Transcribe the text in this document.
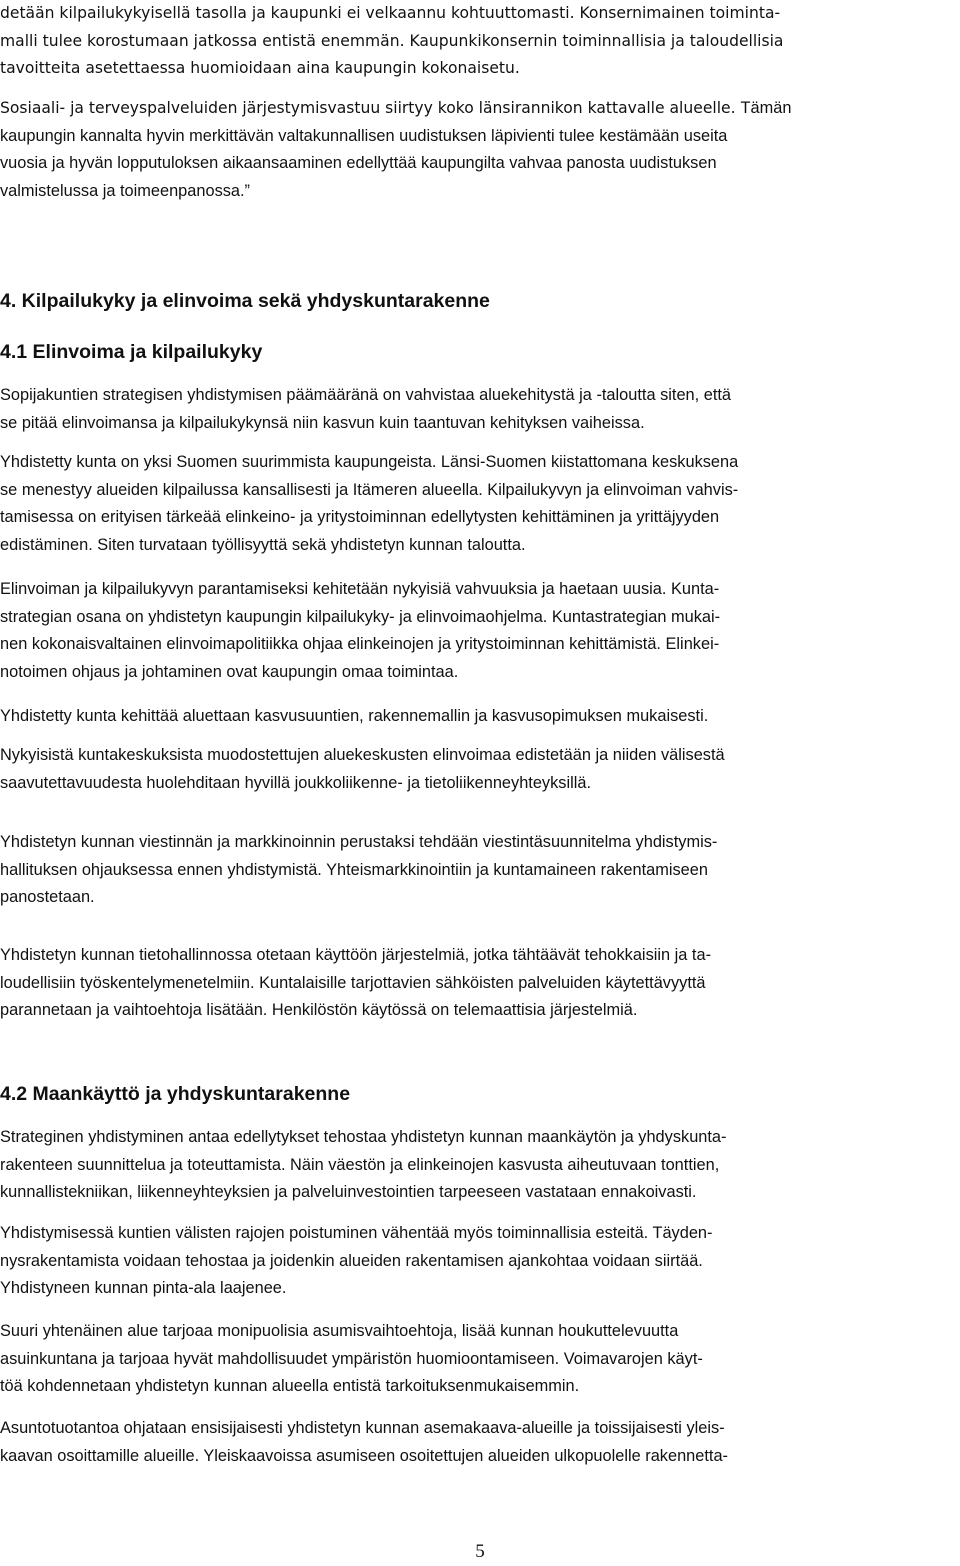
detään kilpailukykyisellä tasolla ja kaupunki ei velkaannu kohtuuttomasti. Konsernimainen toiminta-
malli tulee korostumaan jatkossa entistä enemmän. Kaupunkikonsernin toiminnallisia ja taloudellisia
tavoitteita asetettaessa huomioidaan aina kaupungin kokonaisetu.
Sosiaali- ja terveyspalveluiden järjestymisvastuu siirtyy koko länsirannikon kattavalle alueelle. Tämän
kaupungin kannalta hyvin merkittävän valtakunnallisen uudistuksen läpivienti tulee kestämään useita
vuosia ja hyvän lopputuloksen aikaansaaminen edellyttää kaupungilta vahvaa panosta uudistuksen
valmistelussa ja toimeenpanossa.”
4. Kilpailukyky ja elinvoima sekä yhdyskuntarakenne
4.1 Elinvoima ja kilpailukyky
Sopijakuntien strategisen yhdistymisen päämääränä on vahvistaa aluekehitystä ja -taloutta siten, että
se pitää elinvoimansa ja kilpailukykynsä niin kasvun kuin taantuvan kehityksen vaiheissa.
Yhdistetty kunta on yksi Suomen suurimmista kaupungeista. Länsi-Suomen kiistattomana keskuksena
se menestyy alueiden kilpailussa kansallisesti ja Itämeren alueella. Kilpailukyvyn ja elinvoiman vahvis-
tamisessa on erityisen tärkeää elinkeino- ja yritystoiminnan edellytysten kehittäminen ja yrittäjyyden
edistäminen. Siten turvataan työllisyyttä sekä yhdistetyn kunnan taloutta.
Elinvoiman ja kilpailukyvyn parantamiseksi kehitetään nykyisiä vahvuuksia ja haetaan uusia. Kunta-
strategian osana on yhdistetyn kaupungin kilpailukyky- ja elinvoimaohjelma. Kuntastrategian mukai-
nen kokonaisvaltainen elinvoimapolitiikka ohjaa elinkeinojen ja yritystoiminnan kehittämistä. Elinkei-
notoimen ohjaus ja johtaminen ovat kaupungin omaa toimintaa.
Yhdistetty kunta kehittää aluettaan kasvusuuntien, rakennemallin ja kasvusopimuksen mukaisesti.
Nykyisistä kuntakeskuksista muodostettujen aluekeskusten elinvoimaa edistetään ja niiden välisestä
saavutettavuudesta huolehditaan hyvillä joukkoliikenne- ja tietoliikenneyhteyksillä.
Yhdistetyn kunnan viestinnän ja markkinoinnin perustaksi tehdään viestintäsuunnitelma yhdistymis-
hallituksen ohjauksessa ennen yhdistymistä. Yhteismarkkinointiin ja kuntamaineen rakentamiseen
panostetaan.
Yhdistetyn kunnan tietohallinnossa otetaan käyttöön järjestelmiä, jotka tähtäävät tehokkaisiin ja ta-
loudellisiin työskentelymenetelmiin. Kuntalaisille tarjottavien sähköisten palveluiden käytettävyyttä
parannetaan ja vaihtoehtoja lisätään. Henkilöstön käytössä on telemaattisia järjestelmiä.
4.2 Maankäyttö ja yhdyskuntarakenne
Strateginen yhdistyminen antaa edellytykset tehostaa yhdistetyn kunnan maankäytön ja yhdyskunta-
rakenteen suunnittelua ja toteuttamista. Näin väestön ja elinkeinojen kasvusta aiheutuvaan tonttien,
kunnallistekniikan, liikenneyhteyksien ja palveluinvestointien tarpeeseen vastataan ennakoivasti.
Yhdistymisessä kuntien välisten rajojen poistuminen vähentää myös toiminnallisia esteitä. Täyden-
nysrakentamista voidaan tehostaa ja joidenkin alueiden rakentamisen ajankohtaa voidaan siirtää.
Yhdistyneen kunnan pinta-ala laajenee.
Suuri yhtenäinen alue tarjoaa monipuolisia asumisvaihtoehtoja, lisää kunnan houkuttelevuutta
asuinkuntana ja tarjoaa hyvät mahdollisuudet ympäristön huomioontamiseen. Voimavarojen käyt-
töä kohdennetaan yhdistetyn kunnan alueella entistä tarkoituksenmukaisemmin.
Asuntotuotantoa ohjataan ensisijaisesti yhdistetyn kunnan asemakaava-alueille ja toissijaisesti yleis-
kaavan osoittamille alueille. Yleiskaavoissa asumiseen osoitettujen alueiden ulkopuolelle rakennetta-
5
